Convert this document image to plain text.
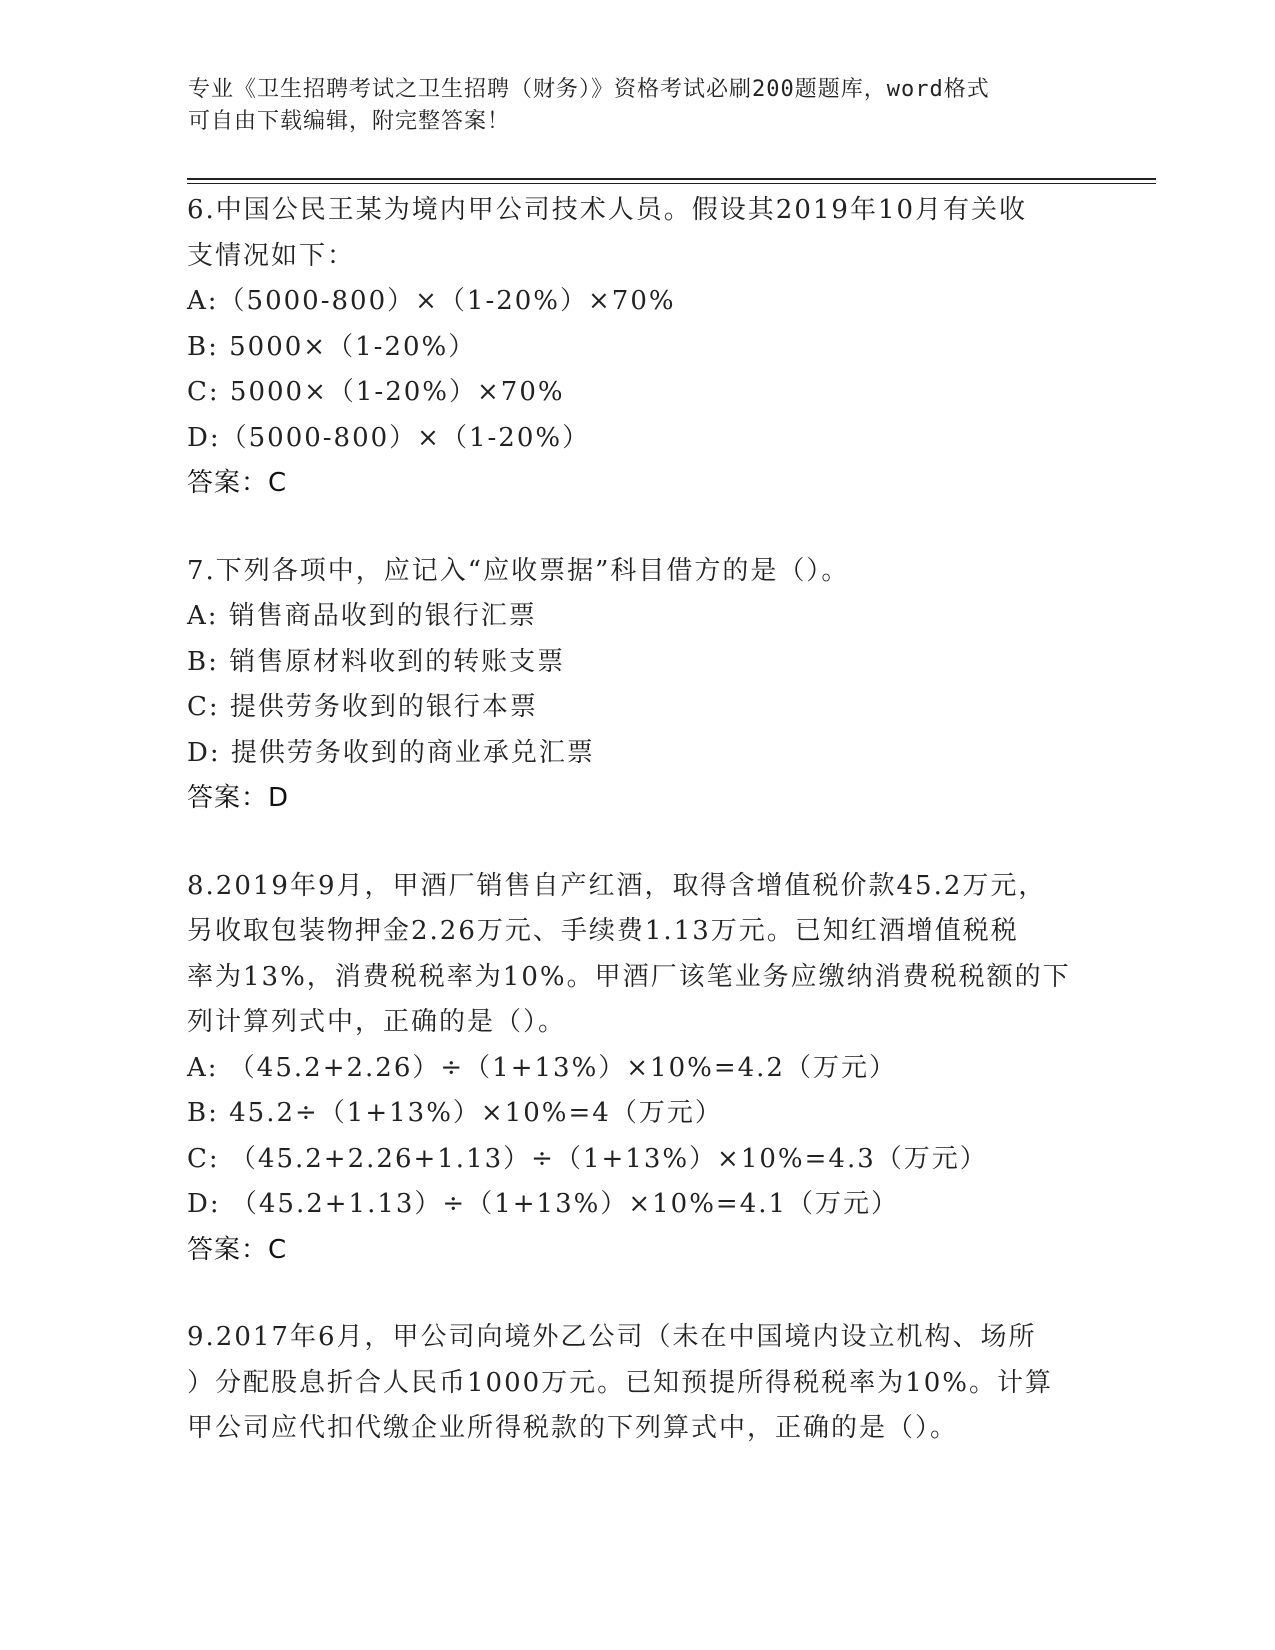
专业《卫生招聘考试之卫生招聘（财务）》资格考试必刷200题题库，word格式
可自由下载编辑，附完整答案！
6.中国公民王某为境内甲公司技术人员。假设其2019年10月有关收
支情况如下：
A:（5000-800）×（1-20%）×70%
B: 5000×（1-20%）
C: 5000×（1-20%）×70%
D:（5000-800）×（1-20%）
答案：C
7.下列各项中，应记入“应收票据”科目借方的是（）。
A: 销售商品收到的银行汇票
B: 销售原材料收到的转账支票
C: 提供劳务收到的银行本票
D: 提供劳务收到的商业承兑汇票
答案：D
8.2019年9月，甲酒厂销售自产红酒，取得含增值税价款45.2万元，
另收取包装物押金2.26万元、手续费1.13万元。已知红酒增值税税
率为13%，消费税税率为10%。甲酒厂该笔业务应缴纳消费税税额的下
列计算列式中，正确的是（）。
A: （45.2+2.26）÷（1+13%）×10%=4.2（万元）
B: 45.2÷（1+13%）×10%=4（万元）
C: （45.2+2.26+1.13）÷（1+13%）×10%=4.3（万元）
D: （45.2+1.13）÷（1+13%）×10%=4.1（万元）
答案：C
9.2017年6月，甲公司向境外乙公司（未在中国境内设立机构、场所
）分配股息折合人民币1000万元。已知预提所得税税率为10%。计算
甲公司应代扣代缴企业所得税款的下列算式中，正确的是（）。
